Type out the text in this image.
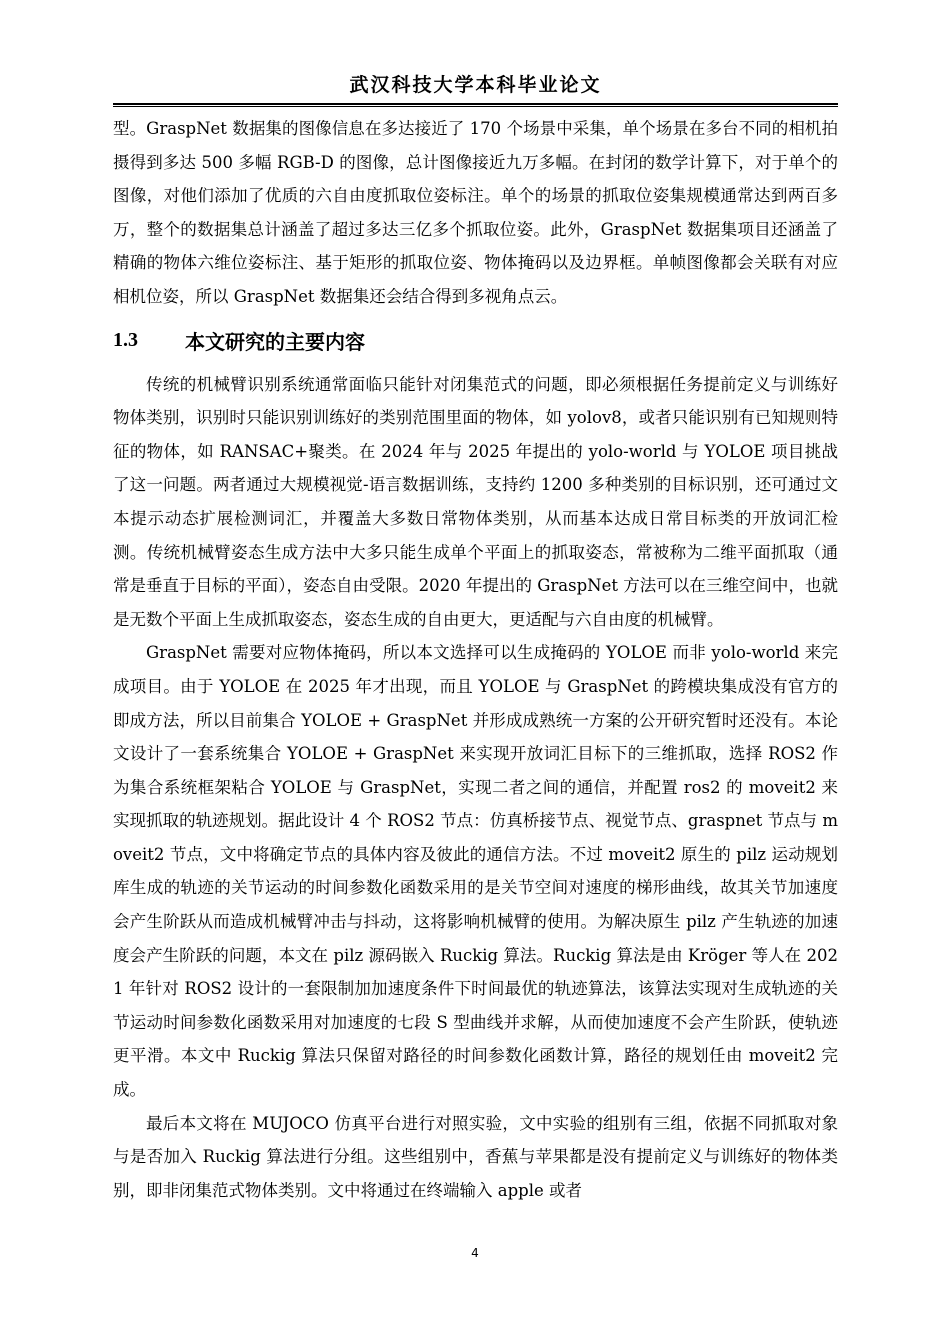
武汉科技大学本科毕业论文

型。GraspNet 数据集的图像信息在多达接近了 170 个场景中采集，单个场景在多台不同的相机拍摄得到多达 500 多幅 RGB-D 的图像，总计图像接近九万多幅。在封闭的数学计算下，对于单个的图像，对他们添加了优质的六自由度抓取位姿标注。单个的场景的抓取位姿集规模通常达到两百多万，整个的数据集总计涵盖了超过多达三亿多个抓取位姿。此外，GraspNet 数据集项目还涵盖了精确的物体六维位姿标注、基于矩形的抓取位姿、物体掩码以及边界框。单帧图像都会关联有对应相机位姿，所以 GraspNet 数据集还会结合得到多视角点云。

1.3	本文研究的主要内容

传统的机械臂识别系统通常面临只能针对闭集范式的问题，即必须根据任务提前定义与训练好物体类别，识别时只能识别训练好的类别范围里面的物体，如 yolov8，或者只能识别有已知规则特征的物体，如 RANSAC+聚类。在 2024 年与 2025 年提出的 yolo-world 与 YOLOE 项目挑战了这一问题。两者通过大规模视觉-语言数据训练，支持约 1200 多种类别的目标识别，还可通过文本提示动态扩展检测词汇，并覆盖大多数日常物体类别，从而基本达成日常目标类的开放词汇检测。传统机械臂姿态生成方法中大多只能生成单个平面上的抓取姿态，常被称为二维平面抓取（通常是垂直于目标的平面），姿态自由受限。2020 年提出的 GraspNet 方法可以在三维空间中，也就是无数个平面上生成抓取姿态，姿态生成的自由更大，更适配与六自由度的机械臂。

GraspNet 需要对应物体掩码，所以本文选择可以生成掩码的 YOLOE 而非 yolo-world 来完成项目。由于 YOLOE 在 2025 年才出现，而且 YOLOE 与 GraspNet 的跨模块集成没有官方的即成方法，所以目前集合 YOLOE + GraspNet 并形成成熟统一方案的公开研究暂时还没有。本论文设计了一套系统集合 YOLOE + GraspNet 来实现开放词汇目标下的三维抓取，选择 ROS2 作为集合系统框架粘合 YOLOE 与 GraspNet，实现二者之间的通信，并配置 ros2 的 moveit2 来实现抓取的轨迹规划。据此设计 4 个 ROS2 节点：仿真桥接节点、视觉节点、graspnet 节点与 moveit2 节点，文中将确定节点的具体内容及彼此的通信方法。不过 moveit2 原生的 pilz 运动规划库生成的轨迹的关节运动的时间参数化函数采用的是关节空间对速度的梯形曲线，故其关节加速度会产生阶跃从而造成机械臂冲击与抖动，这将影响机械臂的使用。为解决原生 pilz 产生轨迹的加速度会产生阶跃的问题，本文在 pilz 源码嵌入 Ruckig 算法。Ruckig 算法是由 Kröger 等人在 2021 年针对 ROS2 设计的一套限制加加速度条件下时间最优的轨迹算法，该算法实现对生成轨迹的关节运动时间参数化函数采用对加速度的七段 S 型曲线并求解，从而使加速度不会产生阶跃，使轨迹更平滑。本文中 Ruckig 算法只保留对路径的时间参数化函数计算，路径的规划任由 moveit2 完成。

最后本文将在 MUJOCO 仿真平台进行对照实验，文中实验的组别有三组，依据不同抓取对象与是否加入 Ruckig 算法进行分组。这些组别中，香蕉与苹果都是没有提前定义与训练好的物体类别，即非闭集范式物体类别。文中将通过在终端输入 apple 或者

4
